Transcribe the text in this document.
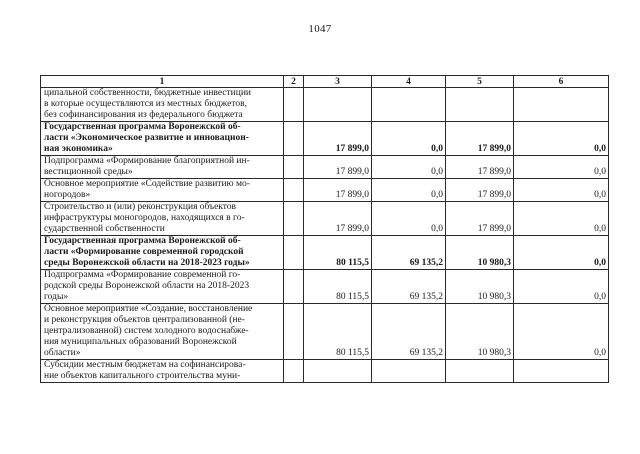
1047
1	2	3	4	5	6

ципальной собственности, бюджетные инвестиции
в которые осуществляются из местных бюджетов,
без софинансирования из федерального бюджета					

Государственная программа Воронежской об-
ласти «Экономическое развитие и инновацион-
ная экономика»		17 899,0	0,0	17 899,0	0,0

Подпрограмма «Формирование благоприятной ин-
вестиционной среды»		17 899,0	0,0	17 899,0	0,0

Основное мероприятие «Содействие развитию мо-
ногородов»		17 899,0	0,0	17 899,0	0,0

Строительство и (или) реконструкция объектов
инфраструктуры моногородов, находящихся в го-
сударственной собственности		17 899,0	0,0	17 899,0	0,0

Государственная программа Воронежской об-
ласти «Формирование современной городской
среды Воронежской области на 2018-2023 годы»		80 115,5	69 135,2	10 980,3	0,0

Подпрограмма «Формирование современной го-
родской среды Воронежской области на 2018-2023
годы»		80 115,5	69 135,2	10 980,3	0,0

Основное мероприятие «Создание, восстановление
и реконструкция объектов централизованной (не-
централизованной) систем холодного водоснабже-
ния муниципальных образований Воронежской
области»		80 115,5	69 135,2	10 980,3	0,0

Субсидии местным бюджетам на софинансирова-
ние объектов капитального строительства муни-					
